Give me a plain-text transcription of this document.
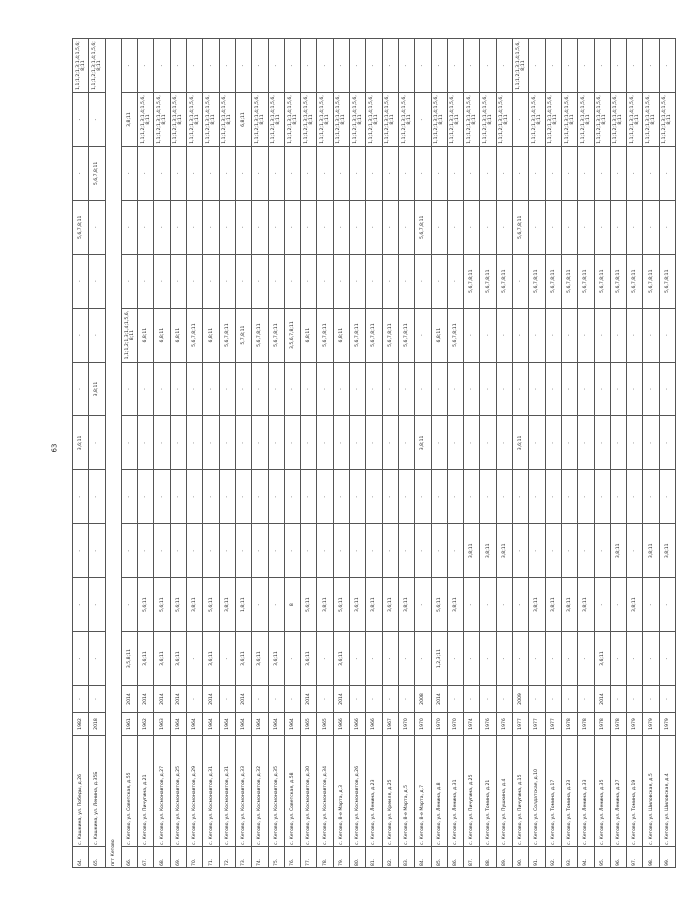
63
64.	с. Кашкина, ул. Победы, д.26	1982	-	-	-	-	-	3,6;11	-	-	-	5,6,7,8;11	-	-	1,1;1,2;1,3;1,4;1,5,6;8;11
65.	с. Кашкина, ул. Ленина, д.35Б	2018	-	-	-	-	-	-	3,8;11	-	-	-	5,6,7,8;11	-	1,1;1,2;1,3;1,4;1,5,6;8;11
пгт Кетово															
66.	с. Кетово, ул. Советская, д.55	1961	2014	3,5,8;11	-	-	-	-	-	1,1;1,2;1,3;1,4;1,5,6,8;11	-	-	-	3,8;11	-
67.	с. Кетово, ул. Пичугина, д.21	1962	2014	3,6;11	5,6;11	-	-	-	-	6,8;11	-	-	-	1,1;1,2;1,3;1,4;1,5,6,8;11	-
68.	с. Кетово, ул. Космонавтов, д.27	1963	2014	3,6;11	5,6;11	-	-	-	-	6,8;11	-	-	-	1,1;1,2;1,3;1,4;1,5,6,8;11	-
69.	с. Кетово, ул. Космонавтов, д.25	1964	2014	3,6;11	5,6;11	-	-	-	-	6,8;11	-	-	-	1,1;1,2;1,3;1,4;1,5,6,8;11	-
70.	с. Кетово, ул. Космонавтов, д.29	1964	-	-	3,8;11	-	-	-	-	5,6,7,8;11	-	-	-	1,1;1,2;1,3;1,4;1,5,6,8;11	-
71.	с. Кетово, ул. Космонавтов, д.31	1964	2014	3,6;11	5,6;11	-	-	-	-	6,8;11	-	-	-	1,1;1,2;1,3;1,4;1,5,6,8;11	-
72.	с. Кетово, ул. Космонавтов, д.31	1964	-	-	3,8;11	-	-	-	-	5,6,7,8;11	-	-	-	1,1;1,2;1,3;1,4;1,5,6,8;11	-
73.	с. Кетово, ул. Космонавтов, д.33	1964	2014	3,6;11	1,8;11	-	-	-	-	5,7,8;11	-	-	-	6,8;11	-
74.	с. Кетово, ул. Космонавтов, д.32	1964	-	3,6;11	-	-	-	-	-	5,6,7,8;11	-	-	-	1,1;1,2;1,3;1,4;1,5,6,8;11	-
75.	с. Кетово, ул. Космонавтов, д.35	1964	-	3,6;11	-	-	-	-	-	5,6,7,8;11	-	-	-	1,1;1,2;1,3;1,4;1,5,6,8;11	-
76.	с. Кетово, ул. Советская, д.58	1964	-	-	8	-	-	-	-	3,5,6,7,8;11	-	-	-	1,1;1,2;1,3;1,4;1,5,6,8;11	-
77.	с. Кетово, ул. Космонавтов, д.30	1965	2014	3,6;11	5,6;11	-	-	-	-	6,8;11	-	-	-	1,1;1,2;1,3;1,4;1,5,6,8;11	-
78.	с. Кетово, ул. Космонавтов, д.34	1965	-	-	3,8;11	-	-	-	-	5,6,7,8;11	-	-	-	1,1;1,2;1,3;1,4;1,5,6,8;11	-
79.	с. Кетово, 8-е Марта, д.3	1966	2014	3,6;11	5,6;11	-	-	-	-	6,8;11	-	-	-	1,1;1,2;1,3;1,4;1,5,6,8;11	-
80.	с. Кетово, ул. Космонавтов, д.26	1966	-	-	3,6;11	-	-	-	-	5,6,7,8;11	-	-	-	1,1;1,2;1,3;1,4;1,5,6,8;11	-
81.	с. Кетово, ул. Ленина, д.23	1966	-	-	3,8;11	-	-	-	-	5,6,7,8;11	-	-	-	1,1;1,2;1,3;1,4;1,5,6,8;11	-
82.	с. Кетово, ул. Кремля, д.25	1967	-	-	3,6;11	-	-	-	-	5,6,7,8;11	-	-	-	1,1;1,2;1,3;1,4;1,5,6,8;11	-
83.	с. Кетово, 8-е Марта, д.5	1970	-	-	3,8;11	-	-	-	-	5,6,7,8;11	-	-	-	1,1;1,2;1,3;1,4;1,5,6,8;11	-
84.	с. Кетово, 8-е Марта, д.7	1970	2008	-	-	-	-	3,8;11	-	-	-	5,6,7,8;11	-	-	-
85.	с. Кетово, ул. Ленина, д.8	1970	2014	1,2,3;11	5,6;11	-	-	-	-	6,8;11	-	-	-	1,1;1,2;1,3;1,4;1,5,6,8;11	-
86.	с. Кетово, ул. Ленина, д.31	1970	-	-	3,8;11	-	-	-	-	5,6,7,8;11	-	-	-	1,1;1,2;1,3;1,4;1,5,6,8;11	-
87.	с. Кетово, ул. Пичугина, д.25	1974	-	-	-	3,8;11	-	-	-	-	5,6,7,8;11	-	-	1,1;1,2;1,3;1,4;1,5,6,8;11	-
88.	с. Кетово, ул. Томина, д.21	1976	-	-	-	3,8;11	-	-	-	-	5,6,7,8;11	-	-	1,1;1,2;1,3;1,4;1,5,6,8;11	-
89.	с. Кетово, ул. Пушкина, д.4	1976	-	-	-	3,8;11	-	-	-	-	5,6,7,8;11	-	-	1,1;1,2;1,3;1,4;1,5,6,8;11	-
90.	с. Кетово, ул. Пичугина, д.15	1977	2009	-	-	-	-	3,6;11	-	-	-	5,6,7,8;11	-	-	1,1;1,2;1,3;1,4;1,5,6,8;11
91.	с. Кетово, ул. Солдатская, д.10	1977	-	-	3,8;11	-	-	-	-	-	5,6,7,8;11	-	-	1,1;1,2;1,3;1,4;1,5,6,8;11	-
92.	с. Кетово, ул. Томина, д.17	1977	-	-	3,8;11	-	-	-	-	-	5,6,7,8;11	-	-	1,1;1,2;1,3;1,4;1,5,6,8;11	-
93.	с. Кетово, ул. Томина, д.23	1978	-	-	3,8;11	-	-	-	-	-	5,6,7,8;11	-	-	1,1;1,2;1,3;1,4;1,5,6,8;11	-
94.	с. Кетово, ул. Ленина, д.33	1978	-	-	3,8;11	-	-	-	-	-	5,6,7,8;11	-	-	1,1;1,2;1,3;1,4;1,5,6,8;11	-
95.	с. Кетово, ул. Ленина, д.35	1978	2014	3,6;11	-	-	-	-	-	-	5,6,7,8;11	-	-	1,1;1,2;1,3;1,4;1,5,6,8;11	-
96.	с. Кетово, ул. Ленина, д.27	1978	-	-	-	3,8;11	-	-	-	-	5,6,7,8;11	-	-	1,1;1,2;1,3;1,4;1,5,6,8;11	-
97.	с. Кетово, ул. Томина, д.19	1979	-	-	3,8;11	-	-	-	-	-	5,6,7,8;11	-	-	1,1;1,2;1,3;1,4;1,5,6,8;11	-
98.	с. Кетово, ул. Шиловская, д.5	1979	-	-	-	3,8;11	-	-	-	-	5,6,7,8;11	-	-	1,1;1,2;1,3;1,4;1,5,6,8;11	-
99.	с. Кетово, ул. Шиловская, д.4	1979	-	-	-	3,8;11	-	-	-	-	5,6,7,8;11	-	-	1,1;1,2;1,3;1,4;1,5,6,8;11	-
